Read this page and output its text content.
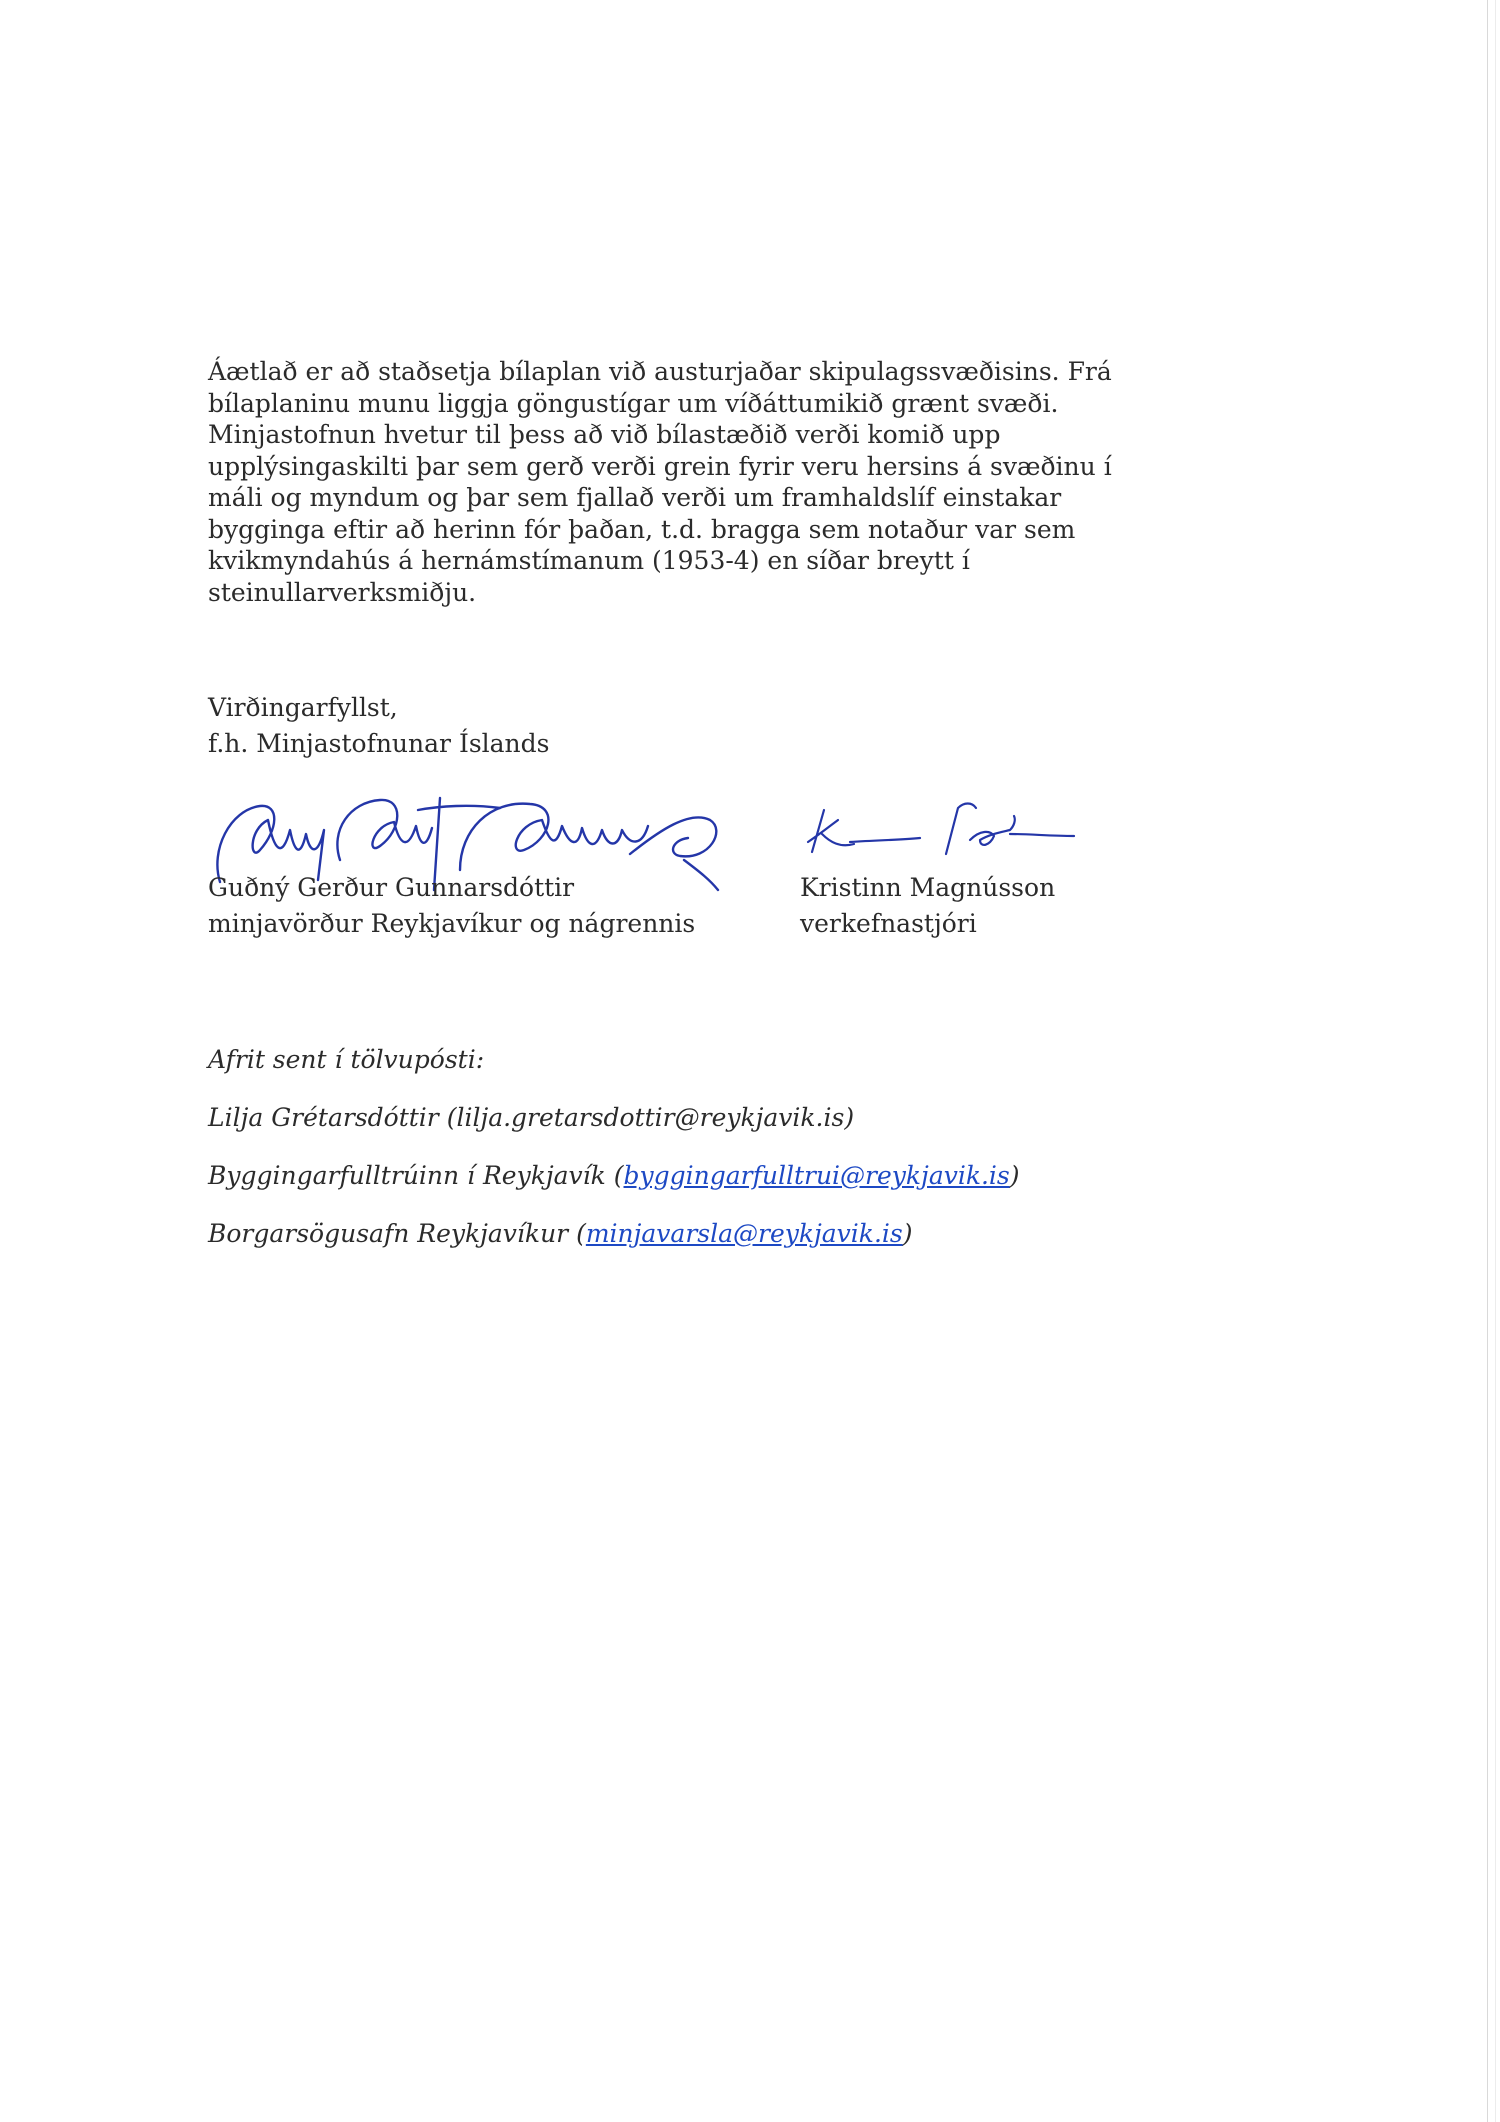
Áætlað er að staðsetja bílaplan við austurjaðar skipulagssvæðisins. Frá
bílaplaninu munu liggja göngustígar um víðáttumikið grænt svæði.
Minjastofnun hvetur til þess að við bílastæðið verði komið upp
upplýsingaskilti þar sem gerð verði grein fyrir veru hersins á svæðinu í
máli og myndum og þar sem fjallað verði um framhaldslíf einstakar
bygginga eftir að herinn fór þaðan, t.d. bragga sem notaður var sem
kvikmyndahús á hernámstímanum (1953-4) en síðar breytt í
steinullarverksmiðju.
Virðingarfyllst,
f.h. Minjastofnunar Íslands
Guðný Gerður Gunnarsdóttir
minjavörður Reykjavíkur og nágrennis
Kristinn Magnússon
verkefnastjóri
Afrit sent í tölvupósti:
Lilja Grétarsdóttir (lilja.gretarsdottir@reykjavik.is)
Byggingarfulltrúinn í Reykjavík (byggingarfulltrui@reykjavik.is)
Borgarsögusafn Reykjavíkur (minjavarsla@reykjavik.is)
